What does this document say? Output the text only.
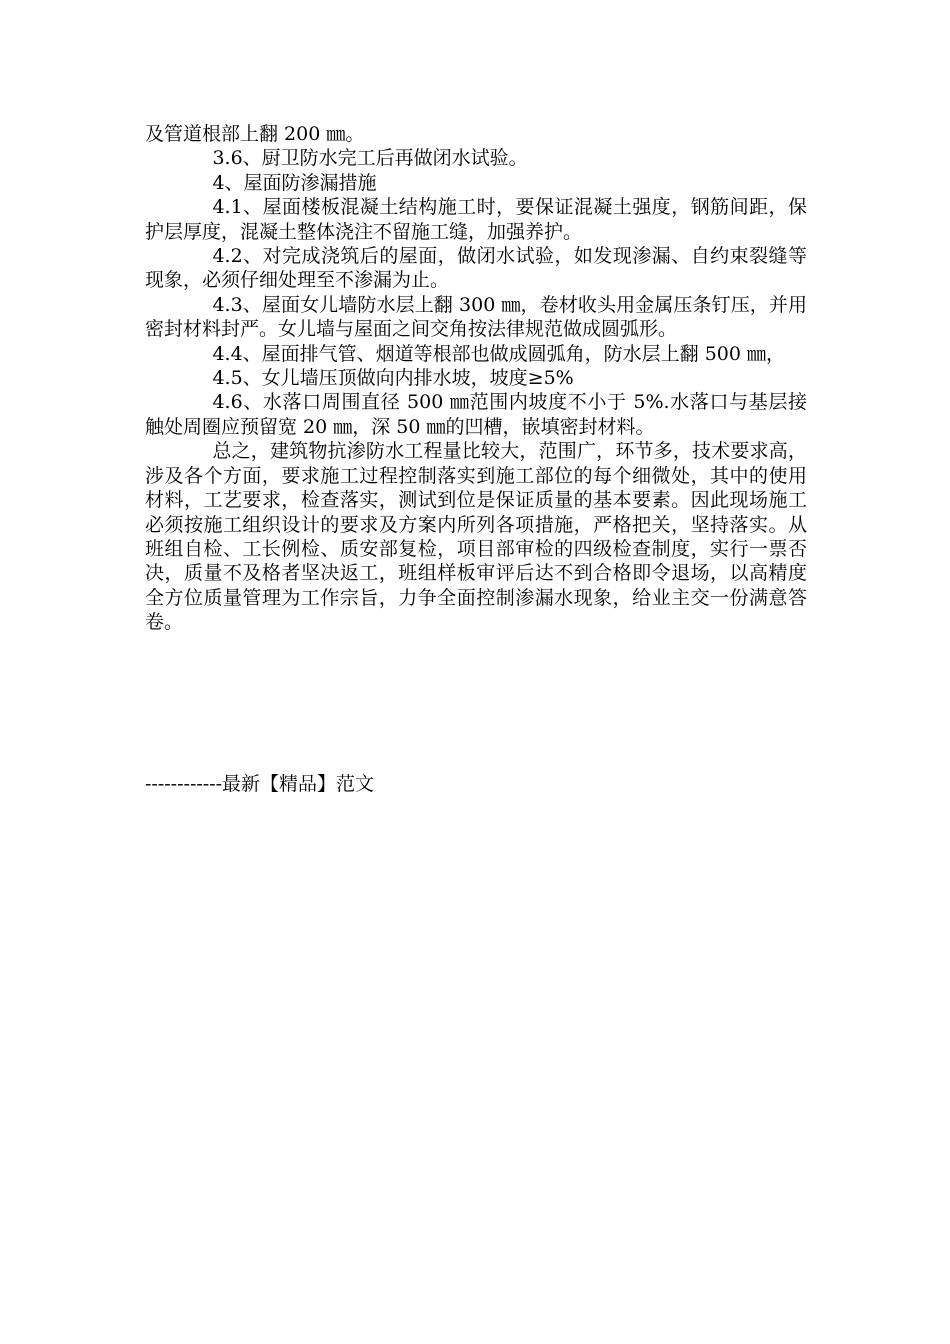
及管道根部上翻 200 ㎜。

3.6、厨卫防水完工后再做闭水试验。

4、屋面防渗漏措施

4.1、屋面楼板混凝土结构施工时，要保证混凝土强度，钢筋间距，保护层厚度，混凝土整体浇注不留施工缝，加强养护。

4.2、对完成浇筑后的屋面，做闭水试验，如发现渗漏、自约束裂缝等现象，必须仔细处理至不渗漏为止。

4.3、屋面女儿墙防水层上翻 300 ㎜，卷材收头用金属压条钉压，并用密封材料封严。女儿墙与屋面之间交角按法律规范做成圆弧形。

4.4、屋面排气管、烟道等根部也做成圆弧角，防水层上翻 500 ㎜，

4.5、女儿墙压顶做向内排水坡，坡度≥5%

4.6、水落口周围直径 500 ㎜范围内坡度不小于 5%.水落口与基层接触处周圈应预留宽 20 ㎜，深 50 ㎜的凹槽，嵌填密封材料。

总之，建筑物抗渗防水工程量比较大，范围广，环节多，技术要求高，涉及各个方面，要求施工过程控制落实到施工部位的每个细微处，其中的使用材料，工艺要求，检查落实，测试到位是保证质量的基本要素。因此现场施工必须按施工组织设计的要求及方案内所列各项措施，严格把关，坚持落实。从班组自检、工长例检、质安部复检，项目部审检的四级检查制度，实行一票否决，质量不及格者坚决返工，班组样板审评后达不到合格即令退场，以高精度全方位质量管理为工作宗旨，力争全面控制渗漏水现象，给业主交一份满意答卷。

------------最新【精品】范文
